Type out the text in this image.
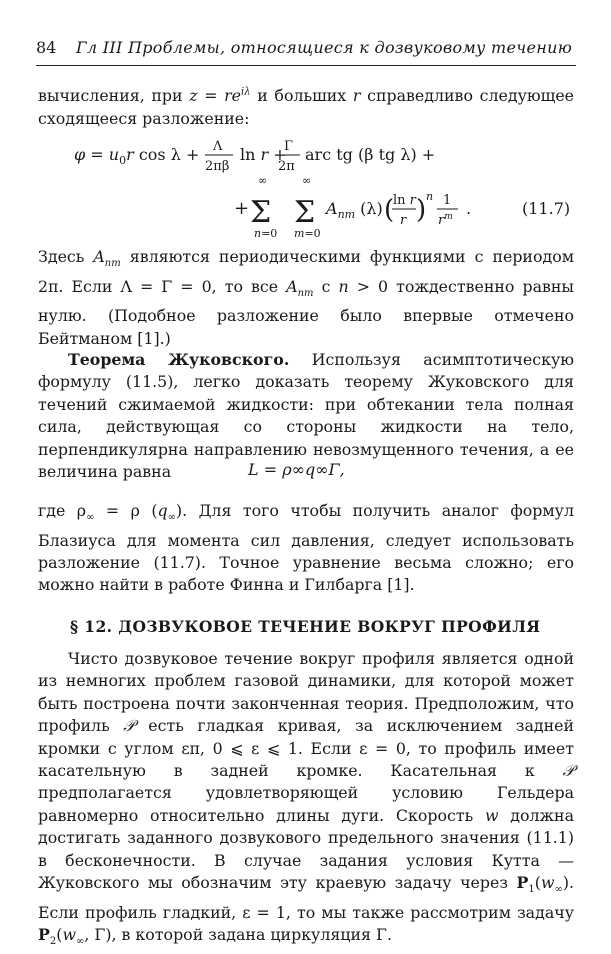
84 Гл III Проблемы, относящиеся к дозвуковому течению

вычисления, при $z = re^{i\lambda}$ и больших r справедливо следующее сходящееся разложение:

$\varphi = u_0r$ cos λ + Λ
2πβ
ln r +
Γ
2π
arc tg (β tg λ) +
+
∞
Σ
n=0
∞
Σ
m=0
$A_{nm}$ (λ) (
ln r
r ) n 1
$r^m$ .	(11.7)

Здесь $A_{nm}$ являются периодическими функциями с периодом 2π. Если Λ = Γ = 0, то все $A_{nm}$ с n > 0 тождественно равны нулю. (Подобное разложение было впервые отмечено Бейтманом [1].)

Теорема Жуковского. Используя асимптотическую формулу (11.5), легко доказать теорему Жуковского для течений сжимаемой жидкости: при обтекании тела полная сила, действующая со стороны жидкости на тело, перпендикулярна направлению невозмущенного течения, а ее величина равна	L = ρ∞q∞Γ,

где $\rho_\infty = \rho$ $(q_\infty)$. Для того чтобы получить аналог формул Блазиуса для момента сил давления, следует использовать разложение (11.7). Точное уравнение весьма сложно; его можно найти в работе Финна и Гилбарга [1].

§ 12. ДОЗВУКОВОЕ ТЕЧЕНИЕ ВОКРУГ ПРОФИЛЯ

Чисто дозвуковое течение вокруг профиля является одной из немногих проблем газовой динамики, для которой может быть построена почти законченная теория. Предположим, что профиль 𝒫 есть гладкая кривая, за исключением задней кромки с углом επ, 0 ⩽ ε ⩽ 1. Если ε = 0, то профиль имеет касательную в задней кромке. Касательная к 𝒫 предполагается удовлетворяющей условию Гельдера равномерно относительно длины дуги. Скорость w должна достигать заданного дозвукового предельного значения (11.1) в бесконечности. В случае задания условия Кутта — Жуковского мы обозначим эту краевую задачу через $P_1(w_\infty)$. Если профиль гладкий, ε = 1, то мы также рассмотрим задачу $P_2(w_\infty$, Γ), в которой задана циркуляция Γ.
